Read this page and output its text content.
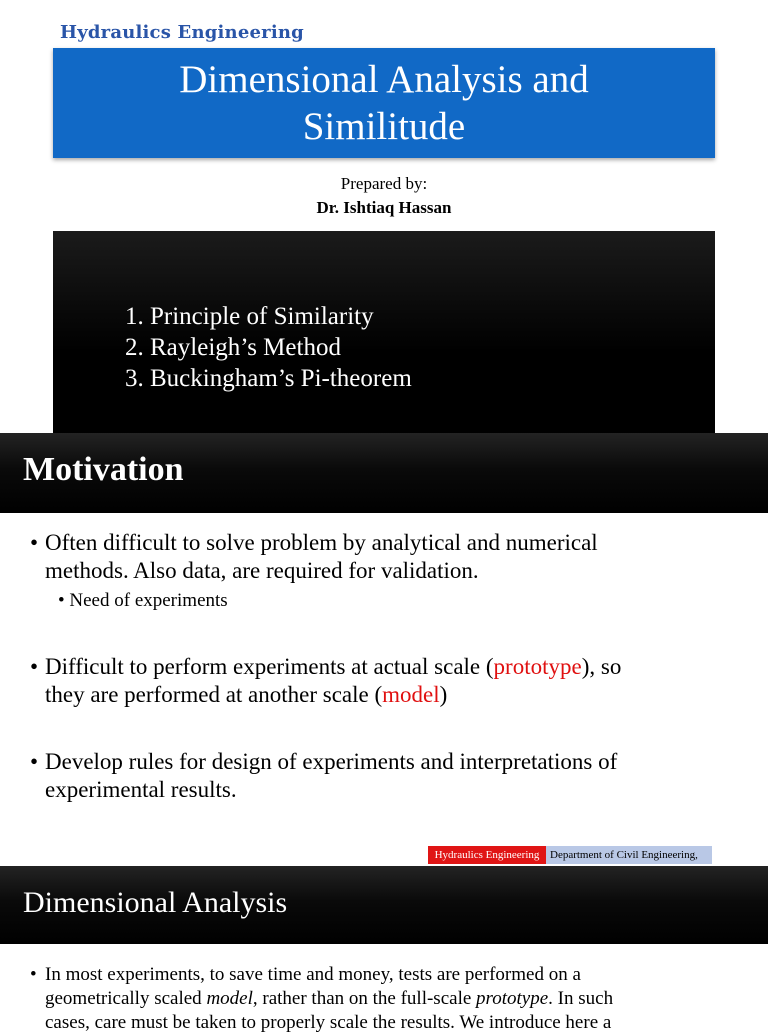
Hydraulics Engineering
Dimensional Analysis and
Similitude
Prepared by:
Dr. Ishtiaq Hassan
1. Principle of Similarity
2. Rayleigh’s Method
3. Buckingham’s Pi-theorem
Motivation
• Often difficult to solve problem by analytical and numerical
methods. Also data, are required for validation.
• Need of experiments
• Difficult to perform experiments at actual scale (prototype), so
they are performed at another scale (model)
• Develop rules for design of experiments and interpretations of
experimental results.
Hydraulics Engineering Department of Civil Engineering,
Dimensional Analysis
• In most experiments, to save time and money, tests are performed on a
geometrically scaled model, rather than on the full-scale prototype. In such
cases, care must be taken to properly scale the results. We introduce here a
